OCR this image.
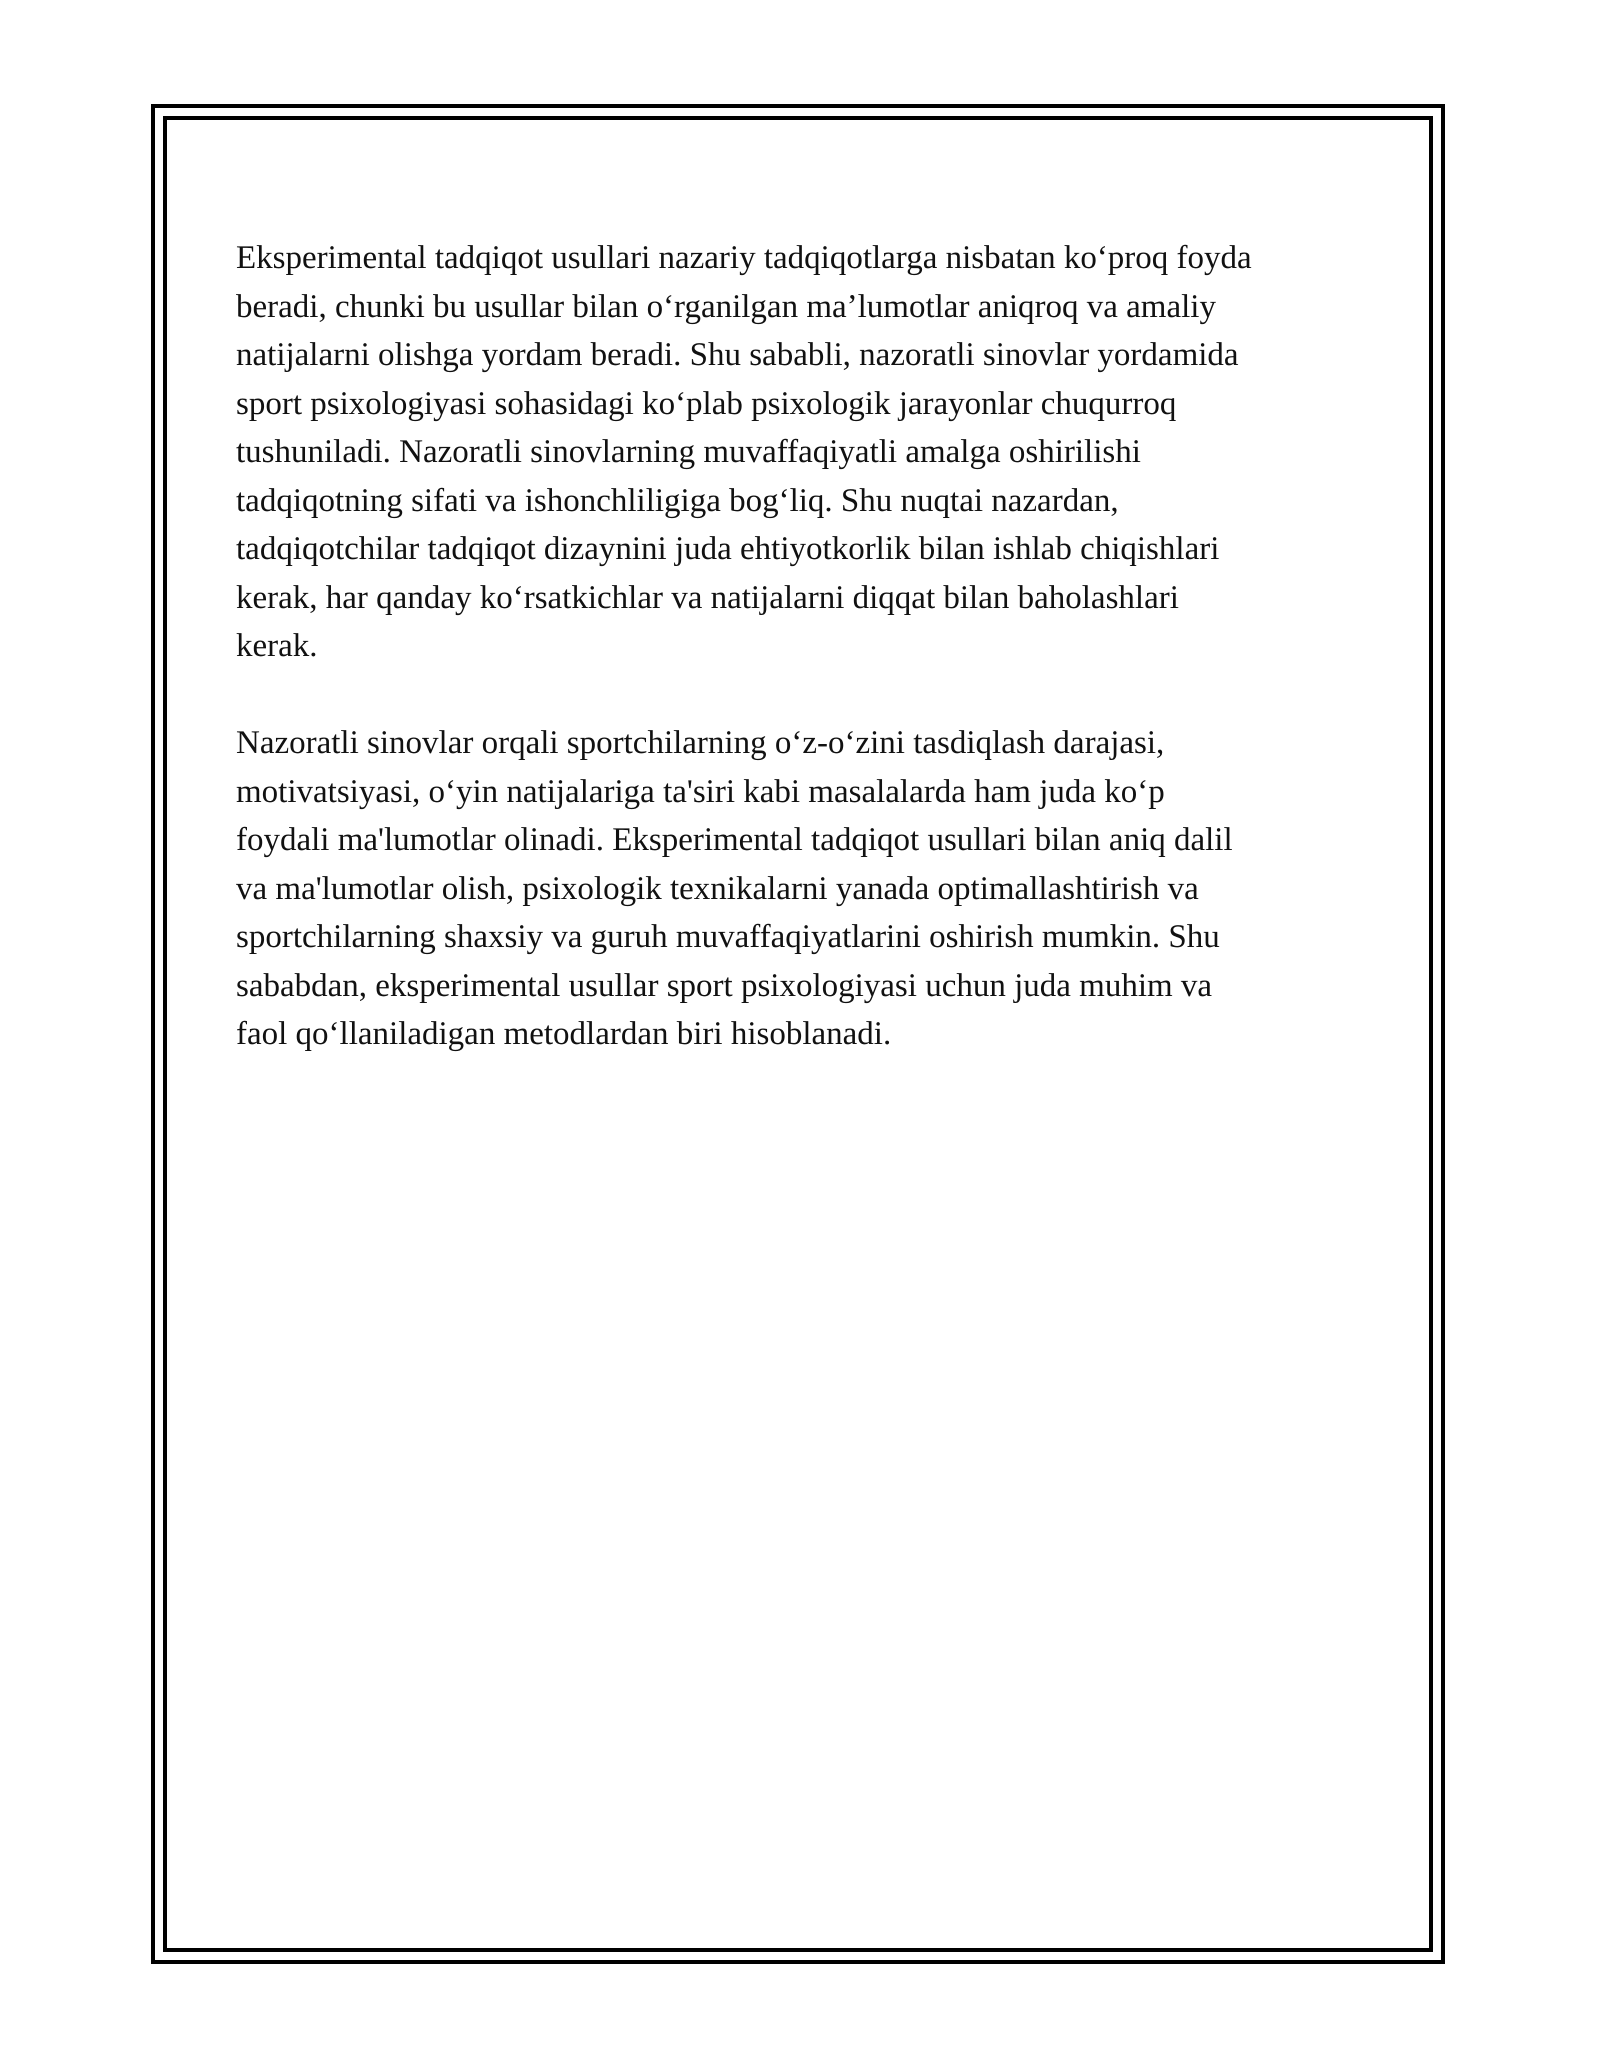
Eksperimental tadqiqot usullari nazariy tadqiqotlarga nisbatan ko‘proq foyda
beradi, chunki bu usullar bilan o‘rganilgan ma’lumotlar aniqroq va amaliy
natijalarni olishga yordam beradi. Shu sababli, nazoratli sinovlar yordamida
sport psixologiyasi sohasidagi ko‘plab psixologik jarayonlar chuqurroq
tushuniladi. Nazoratli sinovlarning muvaffaqiyatli amalga oshirilishi
tadqiqotning sifati va ishonchliligiga bog‘liq. Shu nuqtai nazardan,
tadqiqotchilar tadqiqot dizaynini juda ehtiyotkorlik bilan ishlab chiqishlari
kerak, har qanday ko‘rsatkichlar va natijalarni diqqat bilan baholashlari
kerak.

Nazoratli sinovlar orqali sportchilarning o‘z-o‘zini tasdiqlash darajasi,
motivatsiyasi, o‘yin natijalariga ta'siri kabi masalalarda ham juda ko‘p
foydali ma'lumotlar olinadi. Eksperimental tadqiqot usullari bilan aniq dalil
va ma'lumotlar olish, psixologik texnikalarni yanada optimallashtirish va
sportchilarning shaxsiy va guruh muvaffaqiyatlarini oshirish mumkin. Shu
sababdan, eksperimental usullar sport psixologiyasi uchun juda muhim va
faol qo‘llaniladigan metodlardan biri hisoblanadi.
